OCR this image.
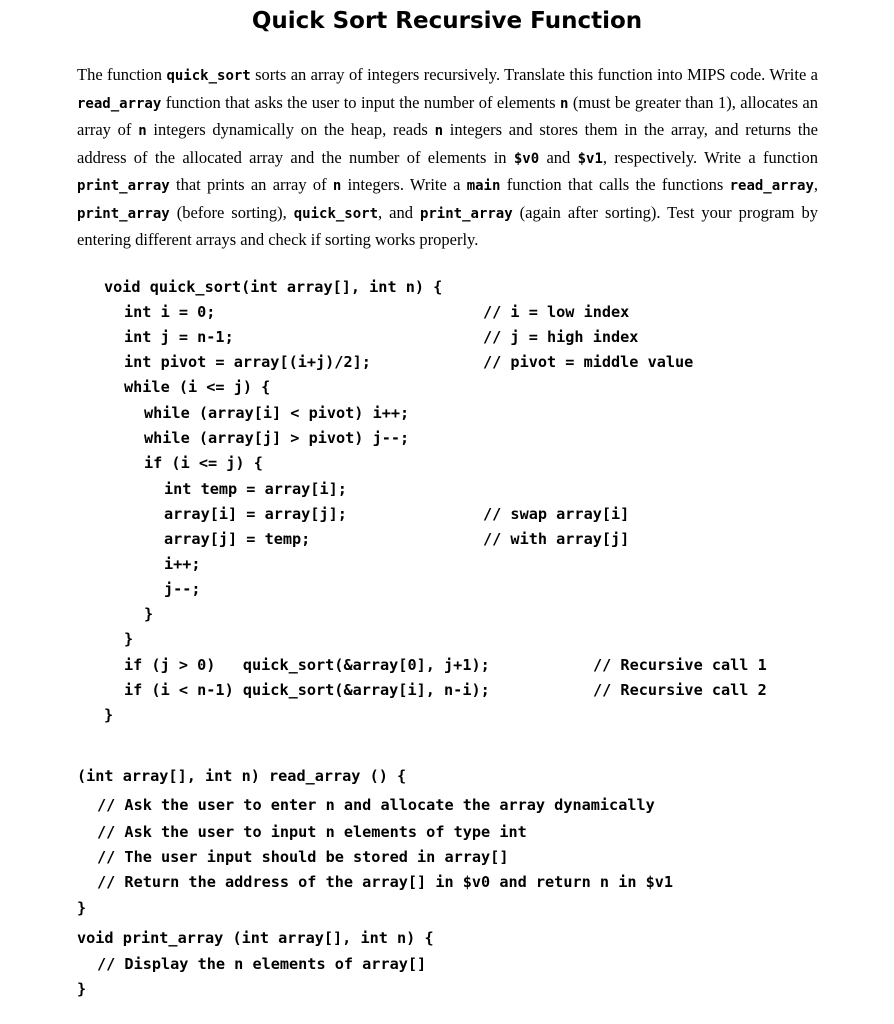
Quick Sort Recursive Function

The function quick_sort sorts an array of integers recursively. Translate this function into MIPS code. Write a read_array function that asks the user to input the number of elements n (must be greater than 1), allocates an array of n integers dynamically on the heap, reads n integers and stores them in the array, and returns the address of the allocated array and the number of elements in $v0 and $v1, respectively. Write a function print_array that prints an array of n integers. Write a main function that calls the functions read_array, print_array (before sorting), quick_sort, and print_array (again after sorting). Test your program by entering different arrays and check if sorting works properly.

void quick_sort(int array[], int n) {
int i = 0;	// i = low index
int j = n-1;	// j = high index
int pivot = array[(i+j)/2];	// pivot = middle value
while (i <= j) {
while (array[i] < pivot) i++;
while (array[j] > pivot) j--;
if (i <= j) {
int temp = array[i];
array[i] = array[j];	// swap array[i]
array[j] = temp;	// with array[j]
i++;
j--;
}
}
if (j > 0)   quick_sort(&array[0], j+1);	// Recursive call 1
if (i < n-1) quick_sort(&array[i], n-i);	// Recursive call 2
}
(int array[], int n) read_array () {
// Ask the user to enter n and allocate the array dynamically
// Ask the user to input n elements of type int
// The user input should be stored in array[]
// Return the address of the array[] in $v0 and return n in $v1
}
void print_array (int array[], int n) {
// Display the n elements of array[]
}
